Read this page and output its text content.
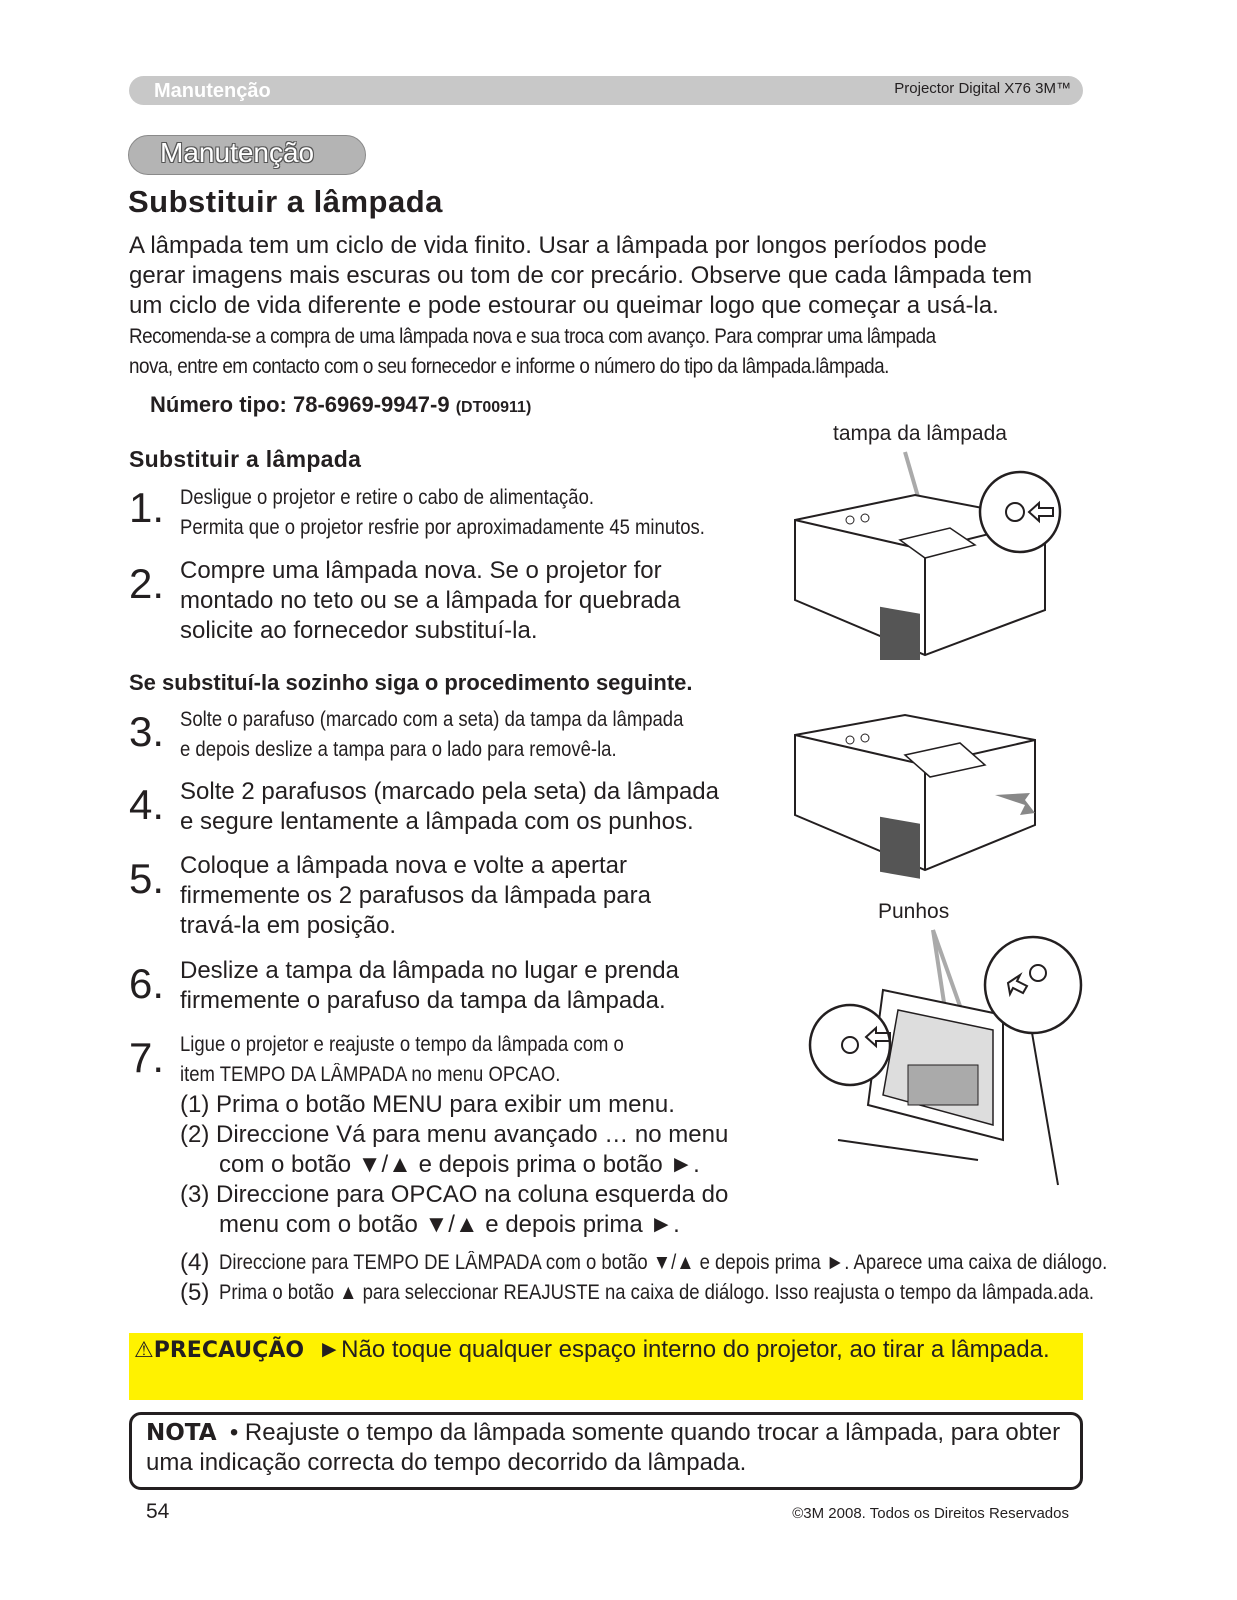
Manutenção	Projector Digital X76 3M™
Manutenção
Substituir a lâmpada
A lâmpada tem um ciclo de vida finito. Usar a lâmpada por longos períodos pode
gerar imagens mais escuras ou tom de cor precário. Observe que cada lâmpada tem
um ciclo de vida diferente e pode estourar ou queimar logo que começar a usá-la.
Recomenda-se a compra de uma lâmpada nova e sua troca com avanço. Para comprar uma lâmpada
nova, entre em contacto com o seu fornecedor e informe o número do tipo da lâmpada.lâmpada.
Número tipo: 78-6969-9947-9 (DT00911)
Substituir a lâmpada
1. Desligue o projetor e retire o cabo de alimentação.
Permita que o projetor resfrie por aproximadamente 45 minutos.
2. Compre uma lâmpada nova. Se o projetor for
montado no teto ou se a lâmpada for quebrada
solicite ao fornecedor substituí-la.
Se substituí-la sozinho siga o procedimento seguinte.
3. Solte o parafuso (marcado com a seta) da tampa da lâmpada
e depois deslize a tampa para o lado para removê-la.
4. Solte 2 parafusos (marcado pela seta) da lâmpada
e segure lentamente a lâmpada com os punhos.
5. Coloque a lâmpada nova e volte a apertar
firmemente os 2 parafusos da lâmpada para
travá-la em posição.
6. Deslize a tampa da lâmpada no lugar e prenda
firmemente o parafuso da tampa da lâmpada.
7. Ligue o projetor e reajuste o tempo da lâmpada com o
item TEMPO DA LÂMPADA no menu OPCAO.
(1) Prima o botão MENU para exibir um menu.
(2) Direccione Vá para menu avançado … no menu
com o botão ▼/▲ e depois prima o botão ►.
(3) Direccione para OPCAO na coluna esquerda do
menu com o botão ▼/▲ e depois prima ►.
(4) Direccione para TEMPO DE LÂMPADA com o botão ▼/▲ e depois prima ►. Aparece uma caixa de diálogo.
(5) Prima o botão ▲ para seleccionar REAJUSTE na caixa de diálogo. Isso reajusta o tempo da lâmpada.ada.
tampa da lâmpada
Punhos
⚠PRECAUÇÃO ►Não toque qualquer espaço interno do projetor, ao tirar a lâmpada.
NOTA • Reajuste o tempo da lâmpada somente quando trocar a lâmpada, para obter uma indicação correcta do tempo decorrido da lâmpada.
54	©3M 2008. Todos os Direitos Reservados
